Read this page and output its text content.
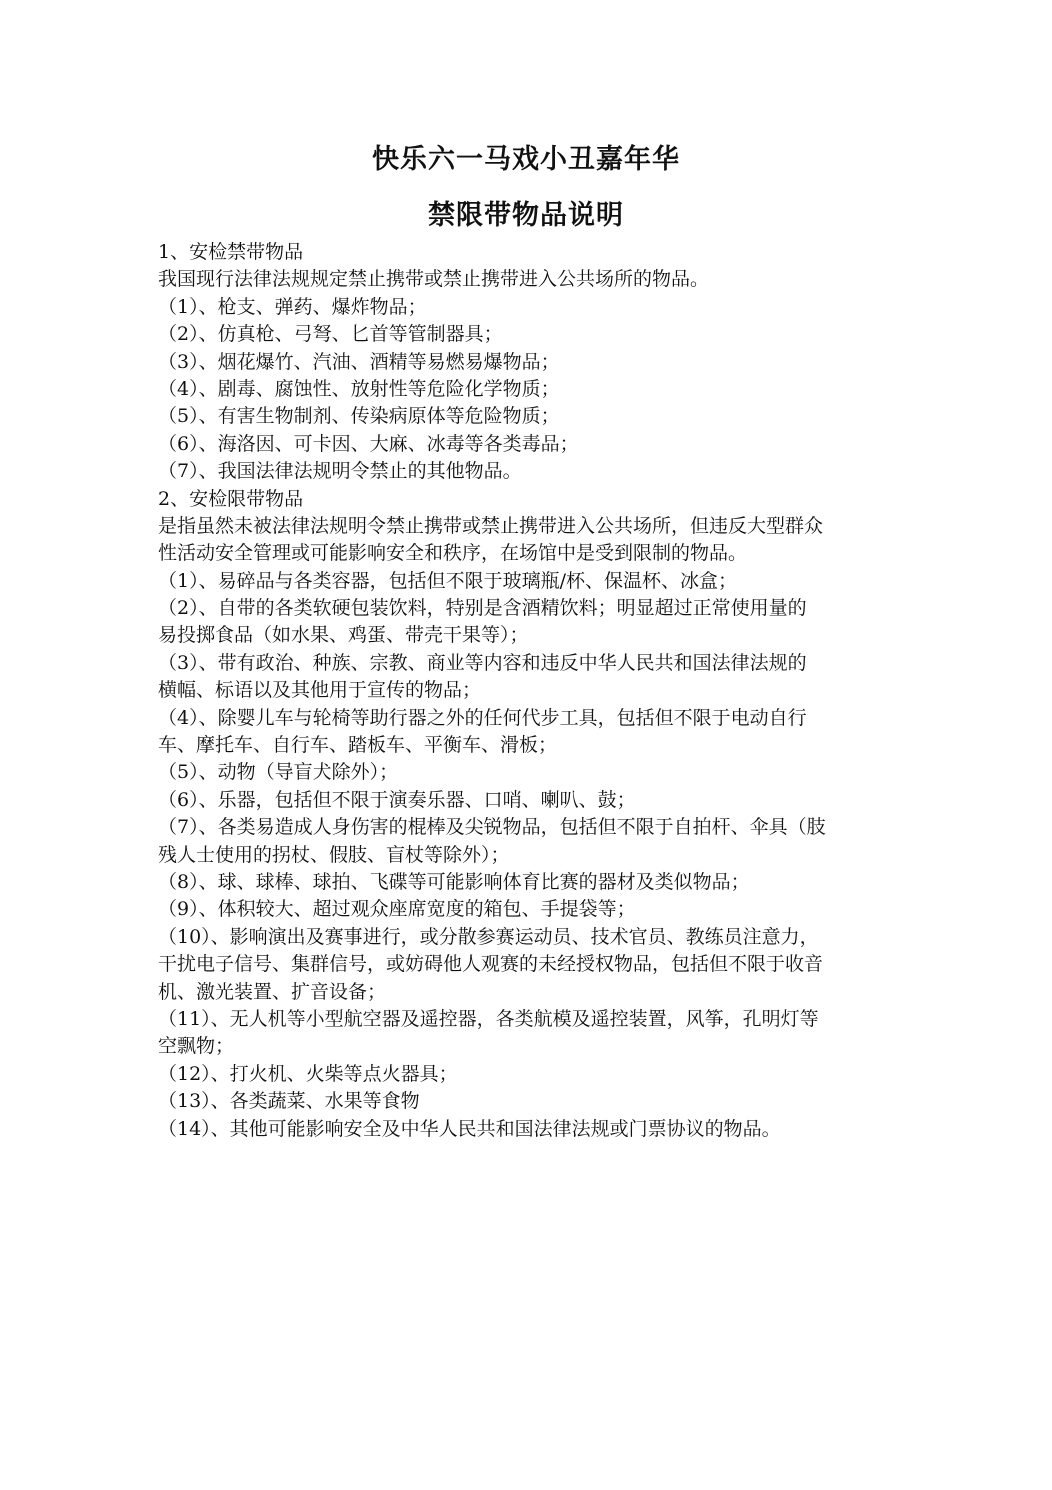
快乐六一马戏小丑嘉年华
禁限带物品说明
1、安检禁带物品
我国现行法律法规规定禁止携带或禁止携带进入公共场所的物品。
（1）、枪支、弹药、爆炸物品；
（2）、仿真枪、弓弩、匕首等管制器具；
（3）、烟花爆竹、汽油、酒精等易燃易爆物品；
（4）、剧毒、腐蚀性、放射性等危险化学物质；
（5）、有害生物制剂、传染病原体等危险物质；
（6）、海洛因、可卡因、大麻、冰毒等各类毒品；
（7）、我国法律法规明令禁止的其他物品。
2、安检限带物品
是指虽然未被法律法规明令禁止携带或禁止携带进入公共场所，但违反大型群众
性活动安全管理或可能影响安全和秩序，在场馆中是受到限制的物品。
（1）、易碎品与各类容器，包括但不限于玻璃瓶/杯、保温杯、冰盒；
（2）、自带的各类软硬包装饮料，特别是含酒精饮料；明显超过正常使用量的
易投掷食品（如水果、鸡蛋、带壳干果等）；
（3）、带有政治、种族、宗教、商业等内容和违反中华人民共和国法律法规的
横幅、标语以及其他用于宣传的物品；
（4）、除婴儿车与轮椅等助行器之外的任何代步工具，包括但不限于电动自行
车、摩托车、自行车、踏板车、平衡车、滑板；
（5）、动物（导盲犬除外）；
（6）、乐器，包括但不限于演奏乐器、口哨、喇叭、鼓；
（7）、各类易造成人身伤害的棍棒及尖锐物品，包括但不限于自拍杆、伞具（肢
残人士使用的拐杖、假肢、盲杖等除外）；
（8）、球、球棒、球拍、飞碟等可能影响体育比赛的器材及类似物品；
（9）、体积较大、超过观众座席宽度的箱包、手提袋等；
（10）、影响演出及赛事进行，或分散参赛运动员、技术官员、教练员注意力，
干扰电子信号、集群信号，或妨碍他人观赛的未经授权物品，包括但不限于收音
机、激光装置、扩音设备；
（11）、无人机等小型航空器及遥控器，各类航模及遥控装置，风筝，孔明灯等
空飘物；
（12）、打火机、火柴等点火器具；
（13）、各类蔬菜、水果等食物
（14）、其他可能影响安全及中华人民共和国法律法规或门票协议的物品。
